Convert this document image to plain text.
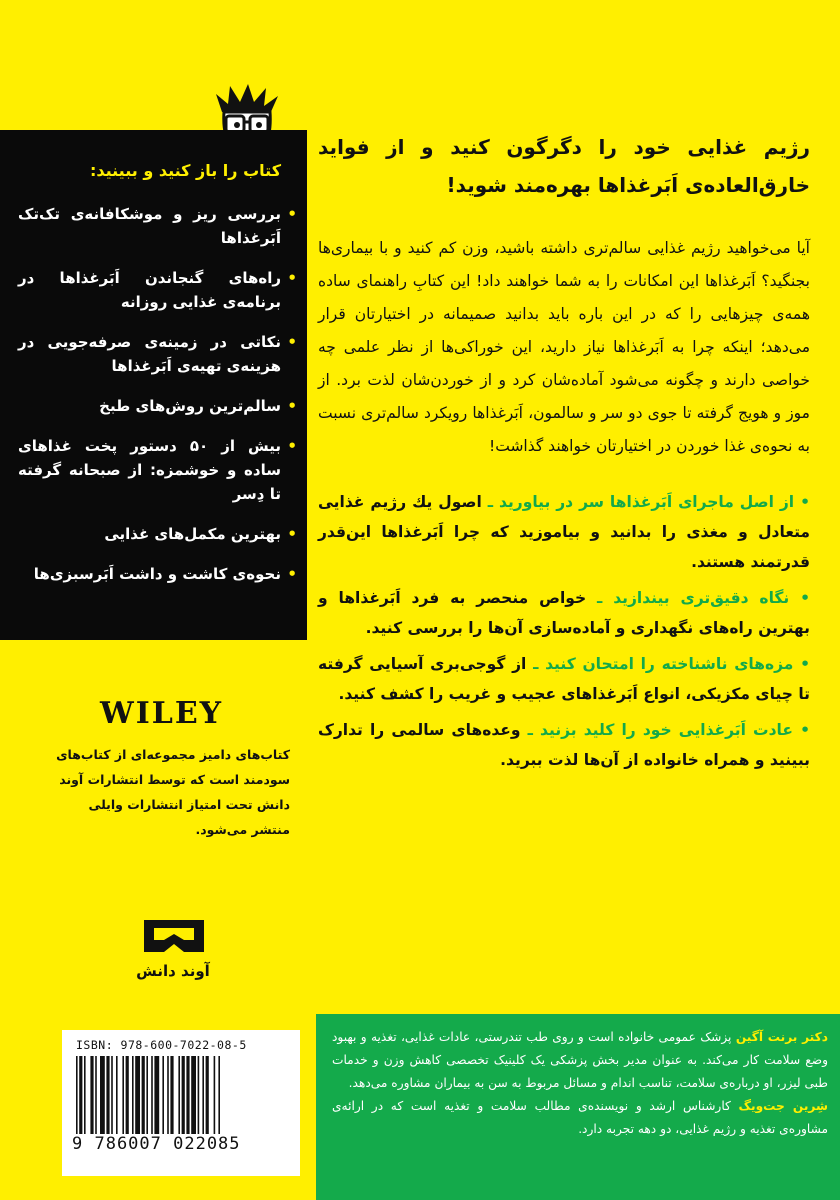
کتاب را باز کنید و ببینید:

•
بررسی ریز و موشکافانه‌ی تک‌تک اَبَرغذاها
•
راه‌های گنجاندن اَبَرغذاها در برنامه‌ی غذایی روزانه
•
نکاتی در زمینه‌ی صرفه‌جویی در هزینه‌ی تهیه‌ی اَبَرغذاها
•
سالم‌ترین روش‌های طبخ
•
بیش از ۵۰ دستور پخت غذاهای ساده و خوشمزه: از صبحانه گرفته تا دِسر
•
بهترین مکمل‌های غذایی
•
نحوه‌ی کاشت و داشت اَبَرسبزی‌ها

رژیم غذایی خود را دگرگون کنید و از فواید خارق‌العاده‌ی اَبَرغذاها بهره‌مند شوید!

آیا می‌خواهید رژیم غذایی سالم‌تری داشته باشید، وزن کم کنید و با بیماری‌ها بجنگید؟ اَبَرغذاها این امکانات را به شما خواهند داد! این کتابِ راهنمای ساده همه‌ی چیزهایی را که در این باره باید بدانید صمیمانه در اختیارتان قرار می‌دهد؛ اینکه چرا به اَبَرغذاها نیاز دارید، این خوراکی‌ها از نظر علمی چه خواصی دارند و چگونه می‌شود آماده‌شان کرد و از خوردن‌شان لذت برد. از موز و هویج گرفته تا جوی دو سر و سالمون، اَبَرغذاها رویکرد سالم‌تری نسبت به نحوه‌ی غذا خوردن در اختیارتان خواهند گذاشت!

• از اصل ماجرای اَبَرغذاها سر در بیاورید ـ اصول یك رژیم غذایی متعادل و مغذی را بدانید و بیاموزید که چرا اَبَرغذاها این‌قدر قدرتمند هستند.

• نگاه دقیق‌تری بیندازید ـ خواص منحصر به فرد اَبَرغذاها و بهترین راه‌های نگهداری و آماده‌سازی آن‌ها را بررسی کنید.

• مزه‌های ناشناخته را امتحان کنید ـ از گوجی‌بری آسیایی گرفته تا چیای مکزیکی، انواع اَبَرغذاهای عجیب و غریب را کشف کنید.

• عادت اَبَرغذایی خود را کلید بزنید ـ وعده‌های سالمی را تدارک ببینید و همراه خانواده از آن‌ها لذت ببرید.

WILEY
کتاب‌های دامیز مجموعه‌ای از کتاب‌های سودمند است که توسط انتشارات آوند دانش تحت امتیاز انتشارات وایلی منتشر می‌شود.
آوند دانش
ISBN: 978-600-7022-08-5
9 786007 022085

دکتر برنت آگین پزشک عمومی خانواده است و روی طب تندرستی، عادات غذایی، تغذیه و بهبود وضع سلامت کار می‌کند. به عنوان مدیر بخش پزشکی یک کلینیک تخصصی کاهش وزن و خدمات طبی لیزر، او درباره‌ی سلامت، تناسب اندام و مسائل مربوط به سن به بیماران مشاوره می‌دهد.

شِرین جت‌ویگ کارشناس ارشد و نویسنده‌ی مطالب سلامت و تغذیه است که در ارائه‌ی مشاوره‌ی تغذیه و رژیم غذایی، دو دهه تجربه دارد.
